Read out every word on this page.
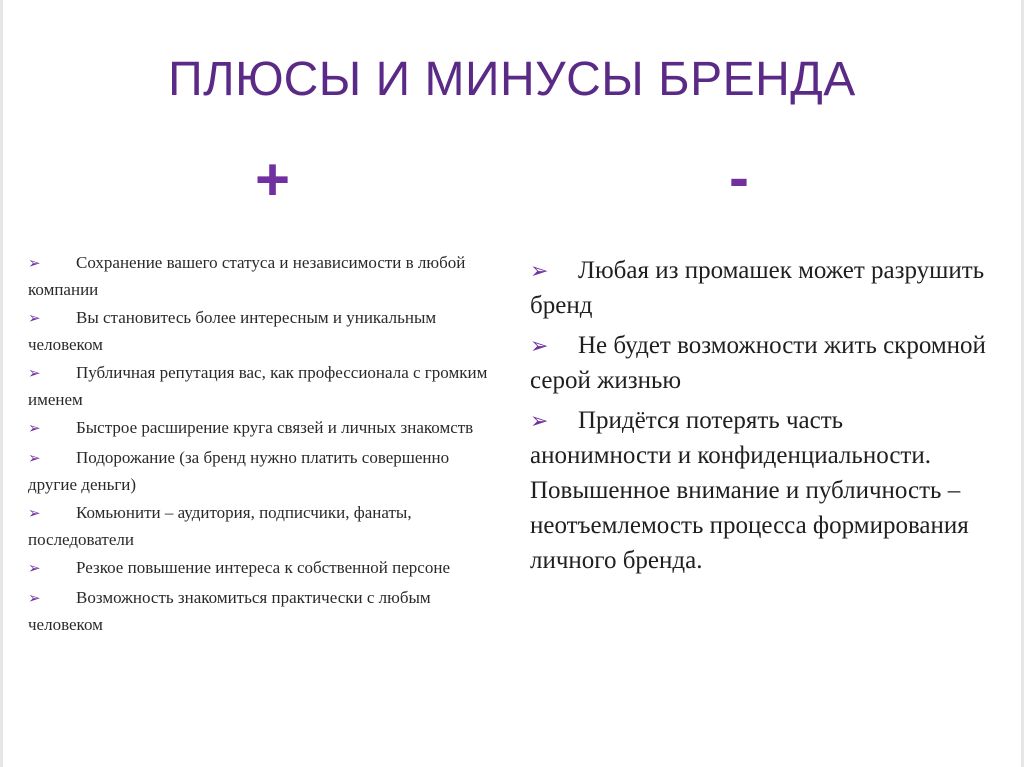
ПЛЮСЫ И МИНУСЫ БРЕНДА
+	-
➢ Сохранение вашего статуса и независимости в любой компании
➢ Вы становитесь более интересным и уникальным человеком
➢ Публичная репутация вас, как профессионала с громким именем
➢ Быстрое расширение круга связей и личных знакомств
➢ Подорожание (за бренд нужно платить совершенно другие деньги)
➢ Комьюнити – аудитория, подписчики, фанаты, последователи
➢ Резкое повышение интереса к собственной персоне
➢ Возможность знакомиться практически с любым человеком
➢ Любая из промашек может разрушить бренд
➢ Не будет возможности жить скромной серой жизнью
➢ Придётся потерять часть анонимности и конфиденциальности.
Повышенное внимание и публичность – неотъемлемость процесса формирования личного бренда.
